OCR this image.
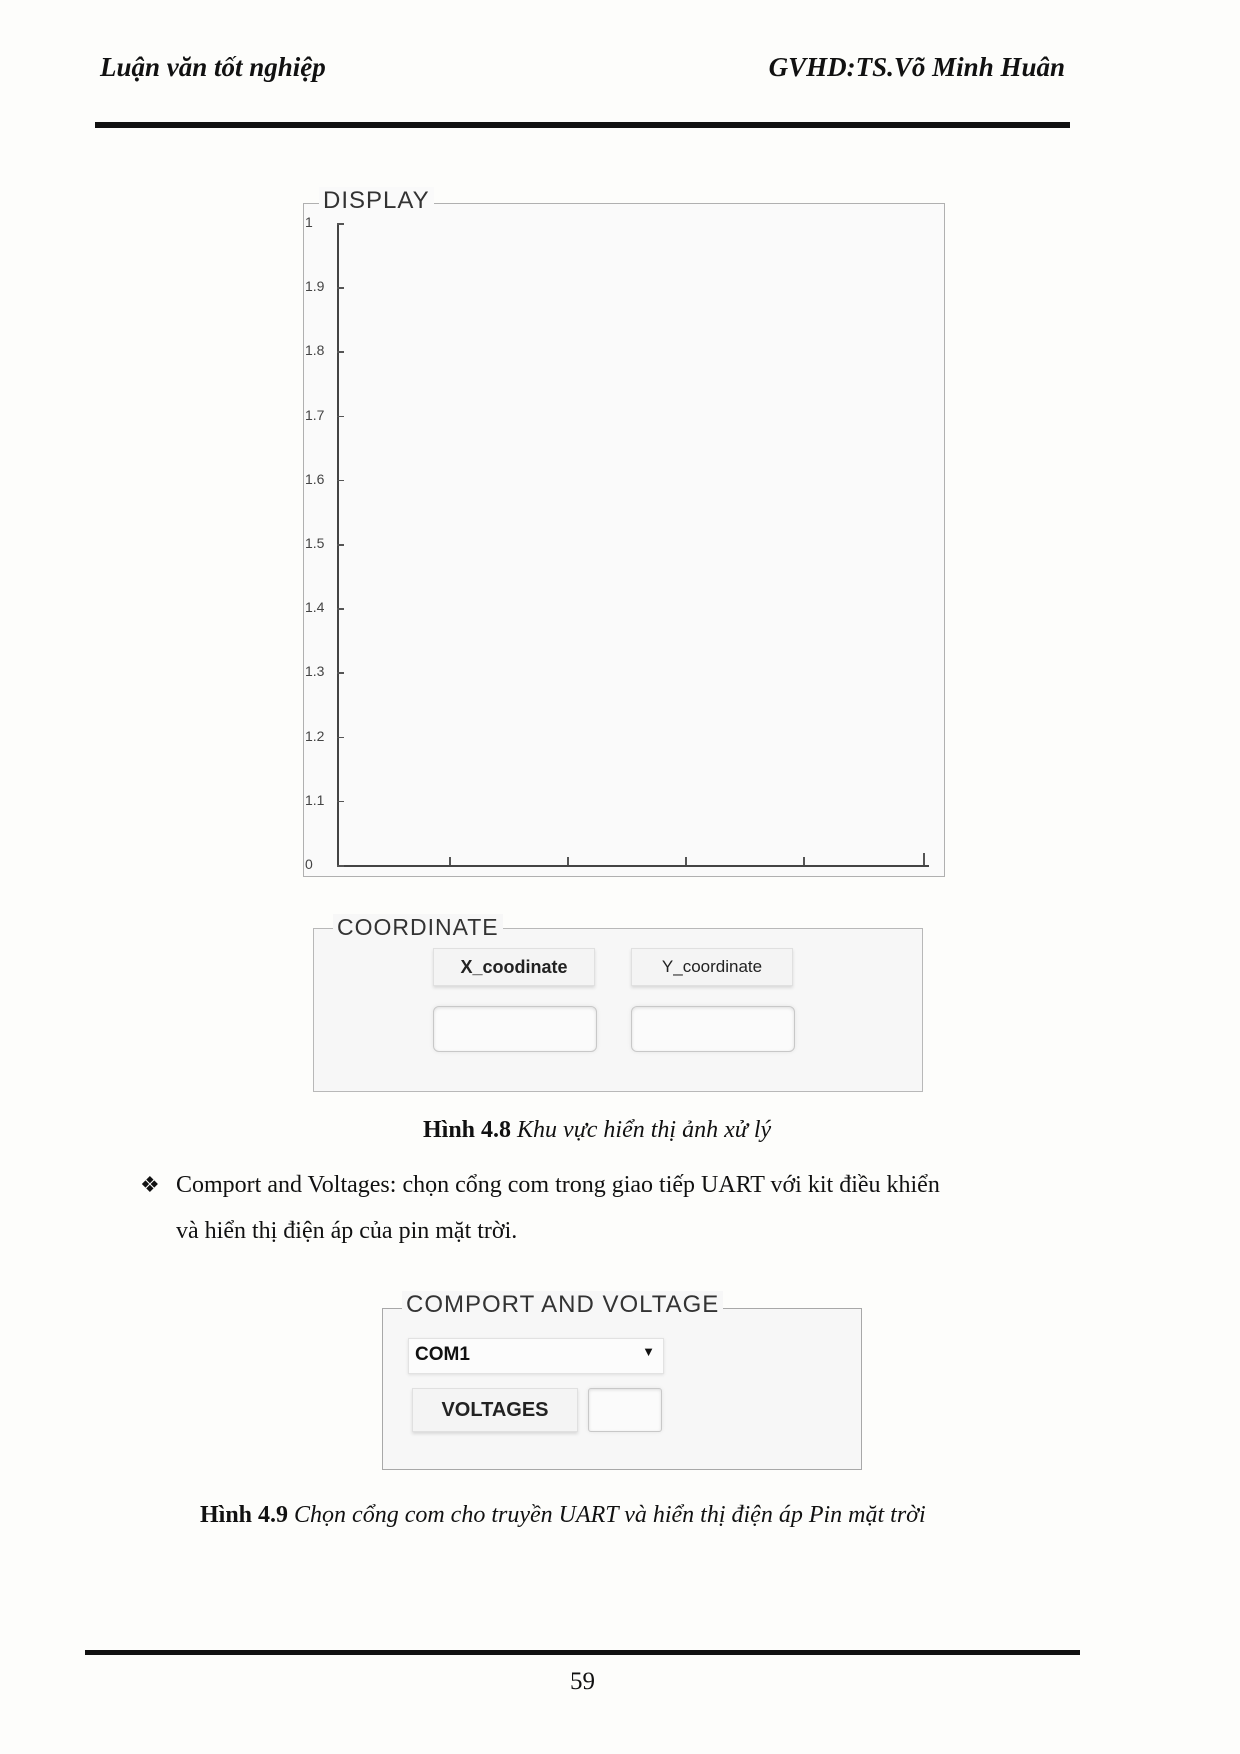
Luận văn tốt nghiệp	GVHD:TS.Võ Minh Huân
DISPLAY
1
1.9
1.8
1.7
1.6
1.5
1.4
1.3
1.2
1.1
0
COORDINATE
X_coodinate	Y_coordinate
Hình 4.8 Khu vực hiển thị ảnh xử lý
❖ Comport and Voltages: chọn cổng com trong giao tiếp UART với kit điều khiển
và hiển thị điện áp của pin mặt trời.
COMPORT AND VOLTAGE
COM1	▼
VOLTAGES
Hình 4.9 Chọn cổng com cho truyền UART và hiển thị điện áp Pin mặt trời
59
